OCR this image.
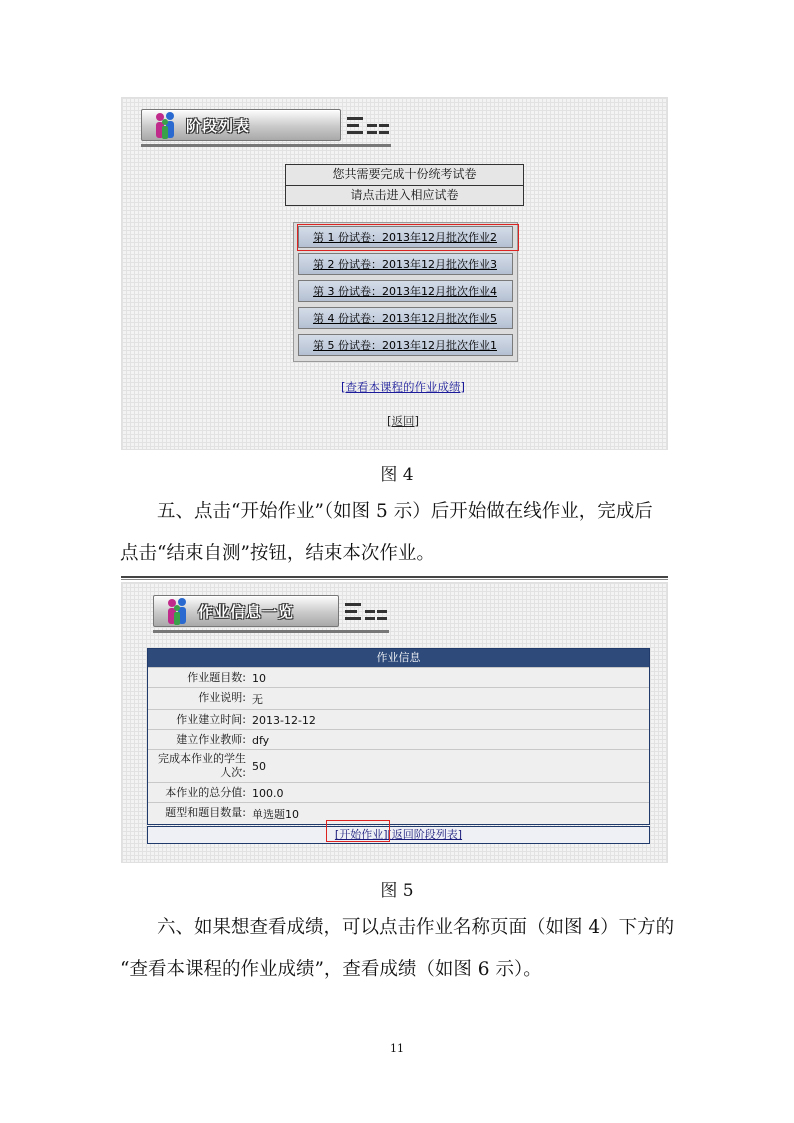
阶段列表
您共需要完成十份统考试卷
请点击进入相应试卷
第 1 份试卷：2013年12月批次作业2
第 2 份试卷：2013年12月批次作业3
第 3 份试卷：2013年12月批次作业4
第 4 份试卷：2013年12月批次作业5
第 5 份试卷：2013年12月批次作业1
[查看本课程的作业成绩]
[返回]
图 4
五、点击“开始作业”（如图 5 示）后开始做在线作业，完成后
点击“结束自测”按钮，结束本次作业。
作业信息一览
作业信息
作业题目数: 10
作业说明: 无
作业建立时间: 2013-12-12
建立作业教师: dfy
完成本作业的学生人次: 50
本作业的总分值: 100.0
题型和题目数量: 单选题10
[开始作业][返回阶段列表]
图 5
六、如果想查看成绩，可以点击作业名称页面（如图 4）下方的
“查看本课程的作业成绩”，查看成绩（如图 6 示）。
11
